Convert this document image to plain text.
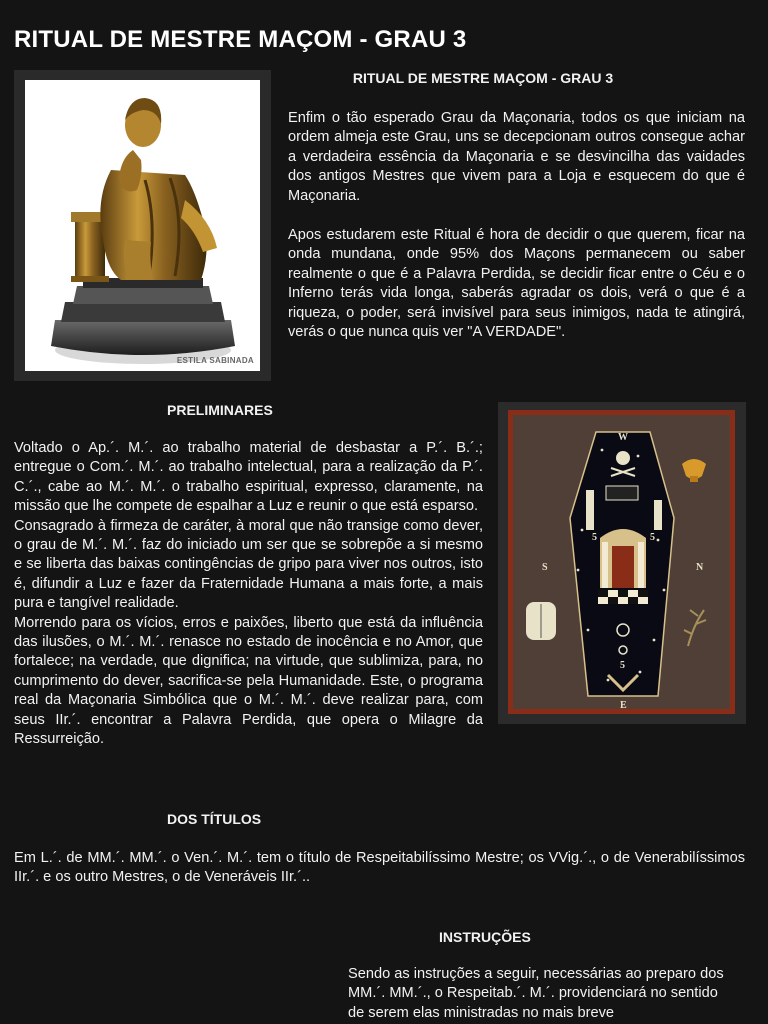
RITUAL DE MESTRE MAÇOM - GRAU 3
ESTILA SABINADA
RITUAL DE MESTRE MAÇOM - GRAU 3

Enfim o tão esperado Grau da Maçonaria, todos os que iniciam na ordem almeja este Grau, uns se decepcionam outros consegue achar a verdadeira essência da Maçonaria e se desvincilha das vaidades dos antigos Mestres que vivem para a Loja e esquecem do que é Maçonaria.

Apos estudarem este Ritual é hora de decidir o que querem, ficar na onda mundana, onde 95% dos Maçons permanecem ou saber realmente o que é a Palavra Perdida, se decidir ficar entre o Céu e o Inferno terás vida longa, saberás agradar os dois, verá o que é a riqueza, o poder, será invisível para seus inimigos, nada te atingirá, verás o que nunca quis ver "A VERDADE".

PRELIMINARES
W
S	N
E
5	5
5

Voltado o Ap.´. M.´. ao trabalho material de desbastar a P.´. B.´.; entregue o Com.´. M.´. ao trabalho intelectual, para a realização da P.´. C.´., cabe ao M.´. M.´. o trabalho espiritual, expresso, claramente, na missão que lhe compete de espalhar a Luz e reunir o que está esparso.

Consagrado à firmeza de caráter, à moral que não transige como dever, o grau de M.´. M.´. faz do iniciado um ser que se sobrepõe a si mesmo e se liberta das baixas contingências de gripo para viver nos outros, isto é, difundir a Luz e fazer da Fraternidade Humana a mais forte, a mais pura e tangível realidade.

Morrendo para os vícios, erros e paixões, liberto que está da influência das ilusões, o M.´. M.´. renasce no estado de inocência e no Amor, que fortalece; na verdade, que dignifica; na virtude, que sublimiza, para, no cumprimento do dever, sacrifica-se pela Humanidade. Este, o programa real da Maçonaria Simbólica que o M.´. M.´. deve realizar para, com seus IIr.´. encontrar a Palavra Perdida, que opera o Milagre da Ressurreição.

DOS TÍTULOS

Em L.´. de MM.´. MM.´. o Ven.´. M.´. tem o título de Respeitabilíssimo Mestre; os VVig.´., o de Venerabilíssimos IIr.´. e os outro Mestres, o de Veneráveis IIr.´..

INSTRUÇÕES

Sendo as instruções a seguir, necessárias ao preparo dos MM.´. MM.´., o Respeitab.´. M.´. providenciará no sentido de serem elas ministradas no mais breve
